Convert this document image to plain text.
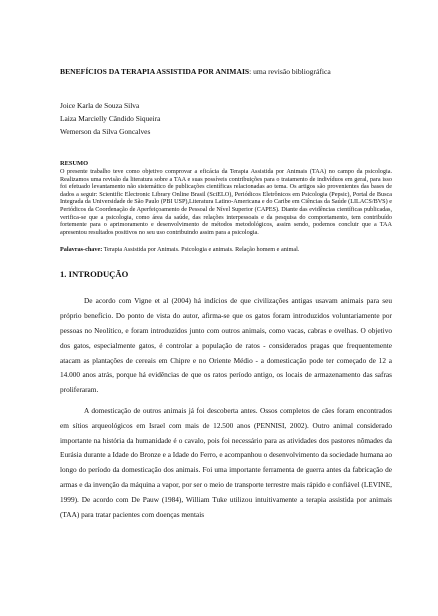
BENEFÍCIOS DA TERAPIA ASSISTIDA POR ANIMAIS: uma revisão bibliográfica
Joice Karla de Souza Silva
Laiza Marcielly Cândido Siqueira
Wemerson da Silva Goncalves
RESUMO

O presente trabalho teve como objetivo comprovar a eficácia da Terapia Assistida por Animais (TAA) no campo da psicologia. Realizamos uma revisão da literatura sobre a TAA e suas possíveis contribuições para o tratamento de indivíduos em geral, para isso foi efetuado levantamento não sistemático de publicações científicas relacionadas ao tema. Os artigos são provenientes das bases de dados a seguir: Scientific Electronic Library Online Brasil (SciELO), Periódicos Eletrônicos em Psicologia (Pepsic), Portal de Busca Integrada da Universidade de São Paulo (PBI USP),Literatura Latino-Americana e do Caribe em Ciências da Saúde (LILACS/BVS) e Periódicos da Coordenação de Aperfeiçoamento de Pessoal de Nível Superior (CAPES). Diante das evidências científicas publicadas, verifica-se que a psicologia, como área da saúde, das relações interpessoais e da pesquisa do comportamento, tem contribuído fortemente para o aprimoramento e desenvolvimento de métodos metodológicos, assim sendo, podemos concluir que a TAA apresentou resultados positivos no seu uso contribuindo assim para a psicologia.

Palavras-chave: Terapia Assistida por Animais. Psicologia e animais. Relação homem e animal.
1. INTRODUÇÃO

De acordo com Vigne et al (2004) há indícios de que civilizações antigas usavam animais para seu próprio benefício. Do ponto de vista do autor, afirma-se que os gatos foram introduzidos voluntariamente por pessoas no Neolítico, e foram introduzidos junto com outros animais, como vacas, cabras e ovelhas. O objetivo dos gatos, especialmente gatos, é controlar a população de ratos - considerados pragas que frequentemente atacam as plantações de cereais em Chipre e no Oriente Médio - a domesticação pode ter começado de 12 a 14.000 anos atrás, porque há evidências de que os ratos período antigo, os locais de armazenamento das safras proliferaram.

A domesticação de outros animais já foi descoberta antes. Ossos completos de cães foram encontrados em sítios arqueológicos em Israel com mais de 12.500 anos (PENNISI, 2002). Outro animal considerado importante na história da humanidade é o cavalo, pois foi necessário para as atividades dos pastores nômades da Eurásia durante a Idade do Bronze e a Idade do Ferro, e acompanhou o desenvolvimento da sociedade humana ao longo do período da domesticação dos animais. Foi uma importante ferramenta de guerra antes da fabricação de armas e da invenção da máquina a vapor, por ser o meio de transporte terrestre mais rápido e confiável (LEVINE, 1999). De acordo com De Pauw (1984), William Tuke utilizou intuitivamente a terapia assistida por animais (TAA) para tratar pacientes com doenças mentais
